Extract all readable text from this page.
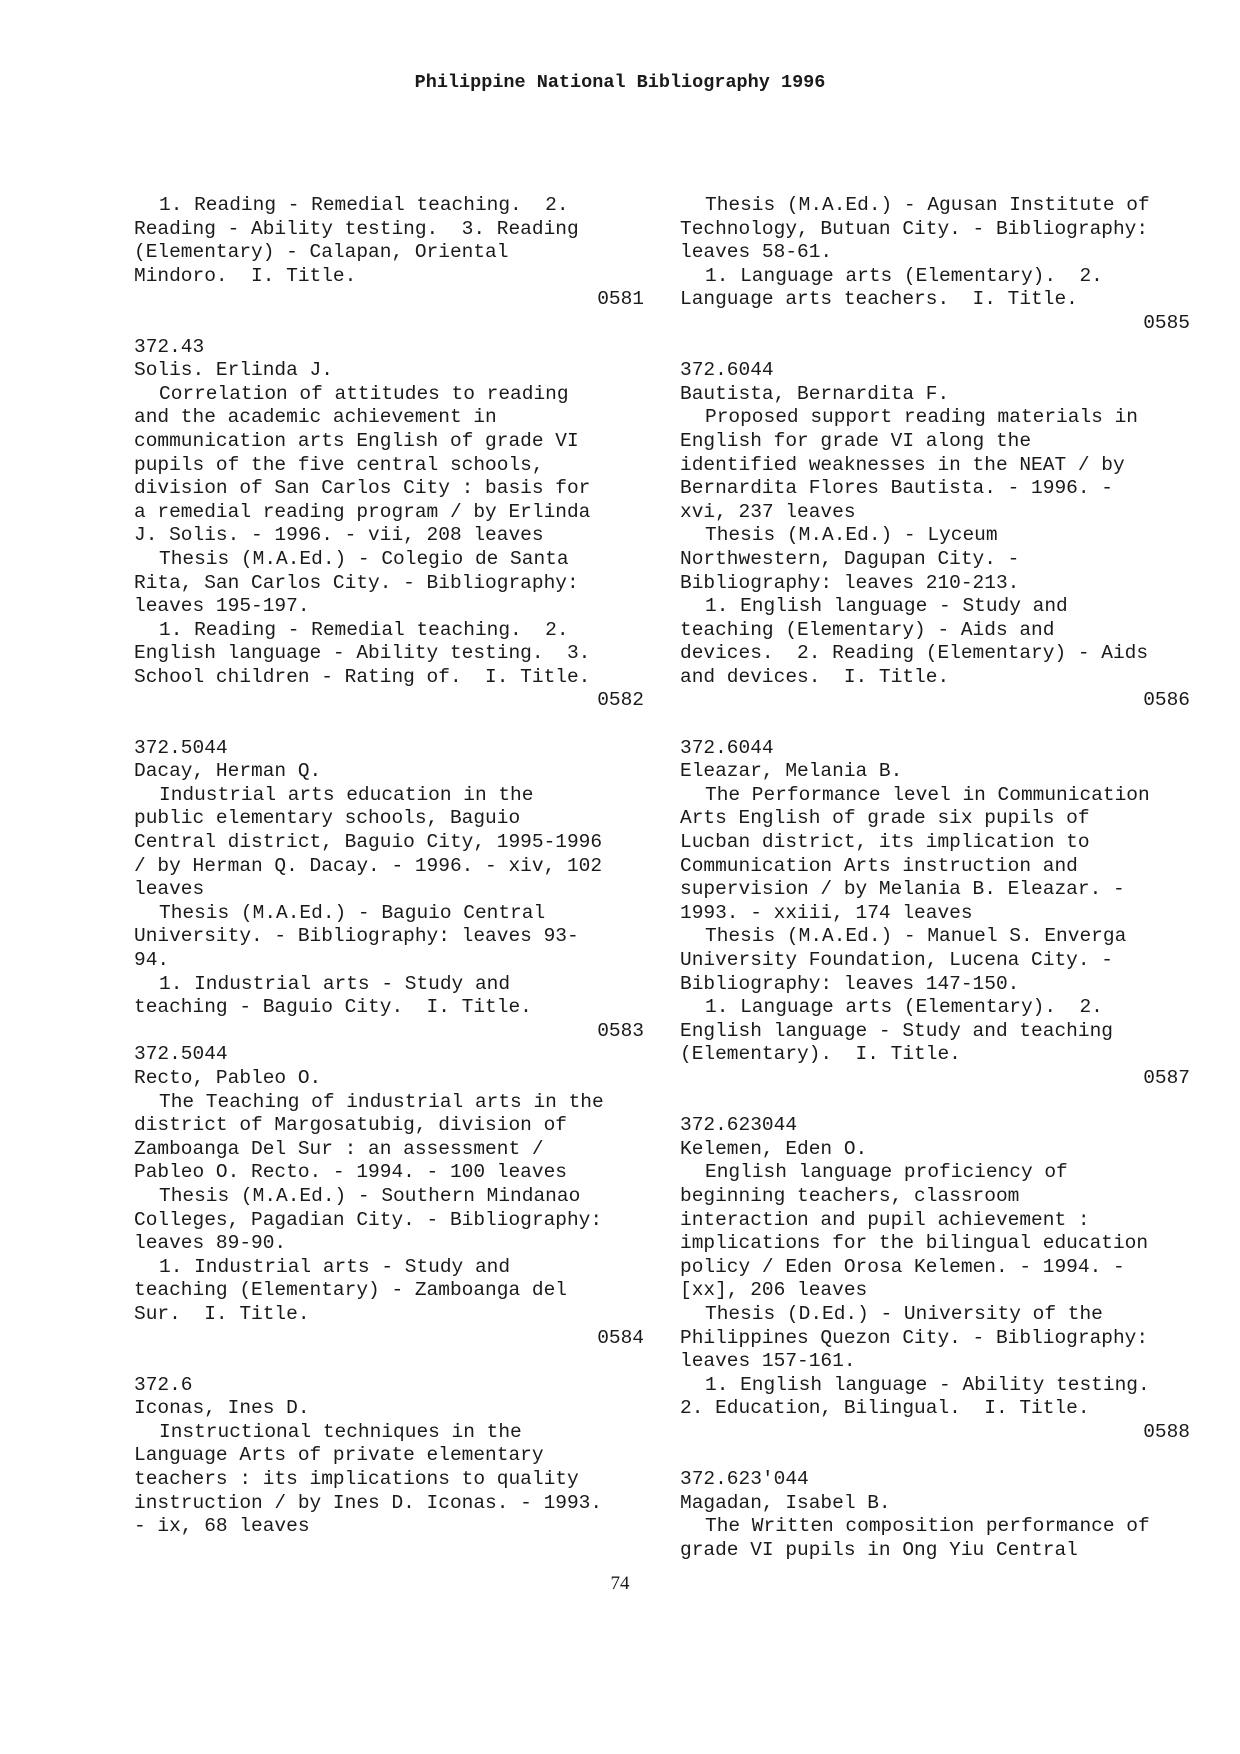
Philippine National Bibliography 1996
1. Reading - Remedial teaching.  2.
Reading - Ability testing.  3. Reading
(Elementary) - Calapan, Oriental
Mindoro.  I. Title.
0581
372.43
Solis. Erlinda J.
Correlation of attitudes to reading
and the academic achievement in
communication arts English of grade VI
pupils of the five central schools,
division of San Carlos City : basis for
a remedial reading program / by Erlinda
J. Solis. - 1996. - vii, 208 leaves
Thesis (M.A.Ed.) - Colegio de Santa
Rita, San Carlos City. - Bibliography:
leaves 195-197.
1. Reading - Remedial teaching.  2.
English language - Ability testing.  3.
School children - Rating of.  I. Title.
0582
372.5044
Dacay, Herman Q.
Industrial arts education in the
public elementary schools, Baguio
Central district, Baguio City, 1995-1996
/ by Herman Q. Dacay. - 1996. - xiv, 102
leaves
Thesis (M.A.Ed.) - Baguio Central
University. - Bibliography: leaves 93-
94.
1. Industrial arts - Study and
teaching - Baguio City.  I. Title.
0583
372.5044
Recto, Pableo O.
The Teaching of industrial arts in the
district of Margosatubig, division of
Zamboanga Del Sur : an assessment /
Pableo O. Recto. - 1994. - 100 leaves
Thesis (M.A.Ed.) - Southern Mindanao
Colleges, Pagadian City. - Bibliography:
leaves 89-90.
1. Industrial arts - Study and
teaching (Elementary) - Zamboanga del
Sur.  I. Title.
0584
372.6
Iconas, Ines D.
Instructional techniques in the
Language Arts of private elementary
teachers : its implications to quality
instruction / by Ines D. Iconas. - 1993.
- ix, 68 leaves
Thesis (M.A.Ed.) - Agusan Institute of
Technology, Butuan City. - Bibliography:
leaves 58-61.
1. Language arts (Elementary).  2.
Language arts teachers.  I. Title.
0585
372.6044
Bautista, Bernardita F.
Proposed support reading materials in
English for grade VI along the
identified weaknesses in the NEAT / by
Bernardita Flores Bautista. - 1996. -
xvi, 237 leaves
Thesis (M.A.Ed.) - Lyceum
Northwestern, Dagupan City. -
Bibliography: leaves 210-213.
1. English language - Study and
teaching (Elementary) - Aids and
devices.  2. Reading (Elementary) - Aids
and devices.  I. Title.
0586
372.6044
Eleazar, Melania B.
The Performance level in Communication
Arts English of grade six pupils of
Lucban district, its implication to
Communication Arts instruction and
supervision / by Melania B. Eleazar. -
1993. - xxiii, 174 leaves
Thesis (M.A.Ed.) - Manuel S. Enverga
University Foundation, Lucena City. -
Bibliography: leaves 147-150.
1. Language arts (Elementary).  2.
English language - Study and teaching
(Elementary).  I. Title.
0587
372.623044
Kelemen, Eden O.
English language proficiency of
beginning teachers, classroom
interaction and pupil achievement :
implications for the bilingual education
policy / Eden Orosa Kelemen. - 1994. -
[xx], 206 leaves
Thesis (D.Ed.) - University of the
Philippines Quezon City. - Bibliography:
leaves 157-161.
1. English language - Ability testing.
2. Education, Bilingual.  I. Title.
0588
372.623'044
Magadan, Isabel B.
The Written composition performance of
grade VI pupils in Ong Yiu Central
74
